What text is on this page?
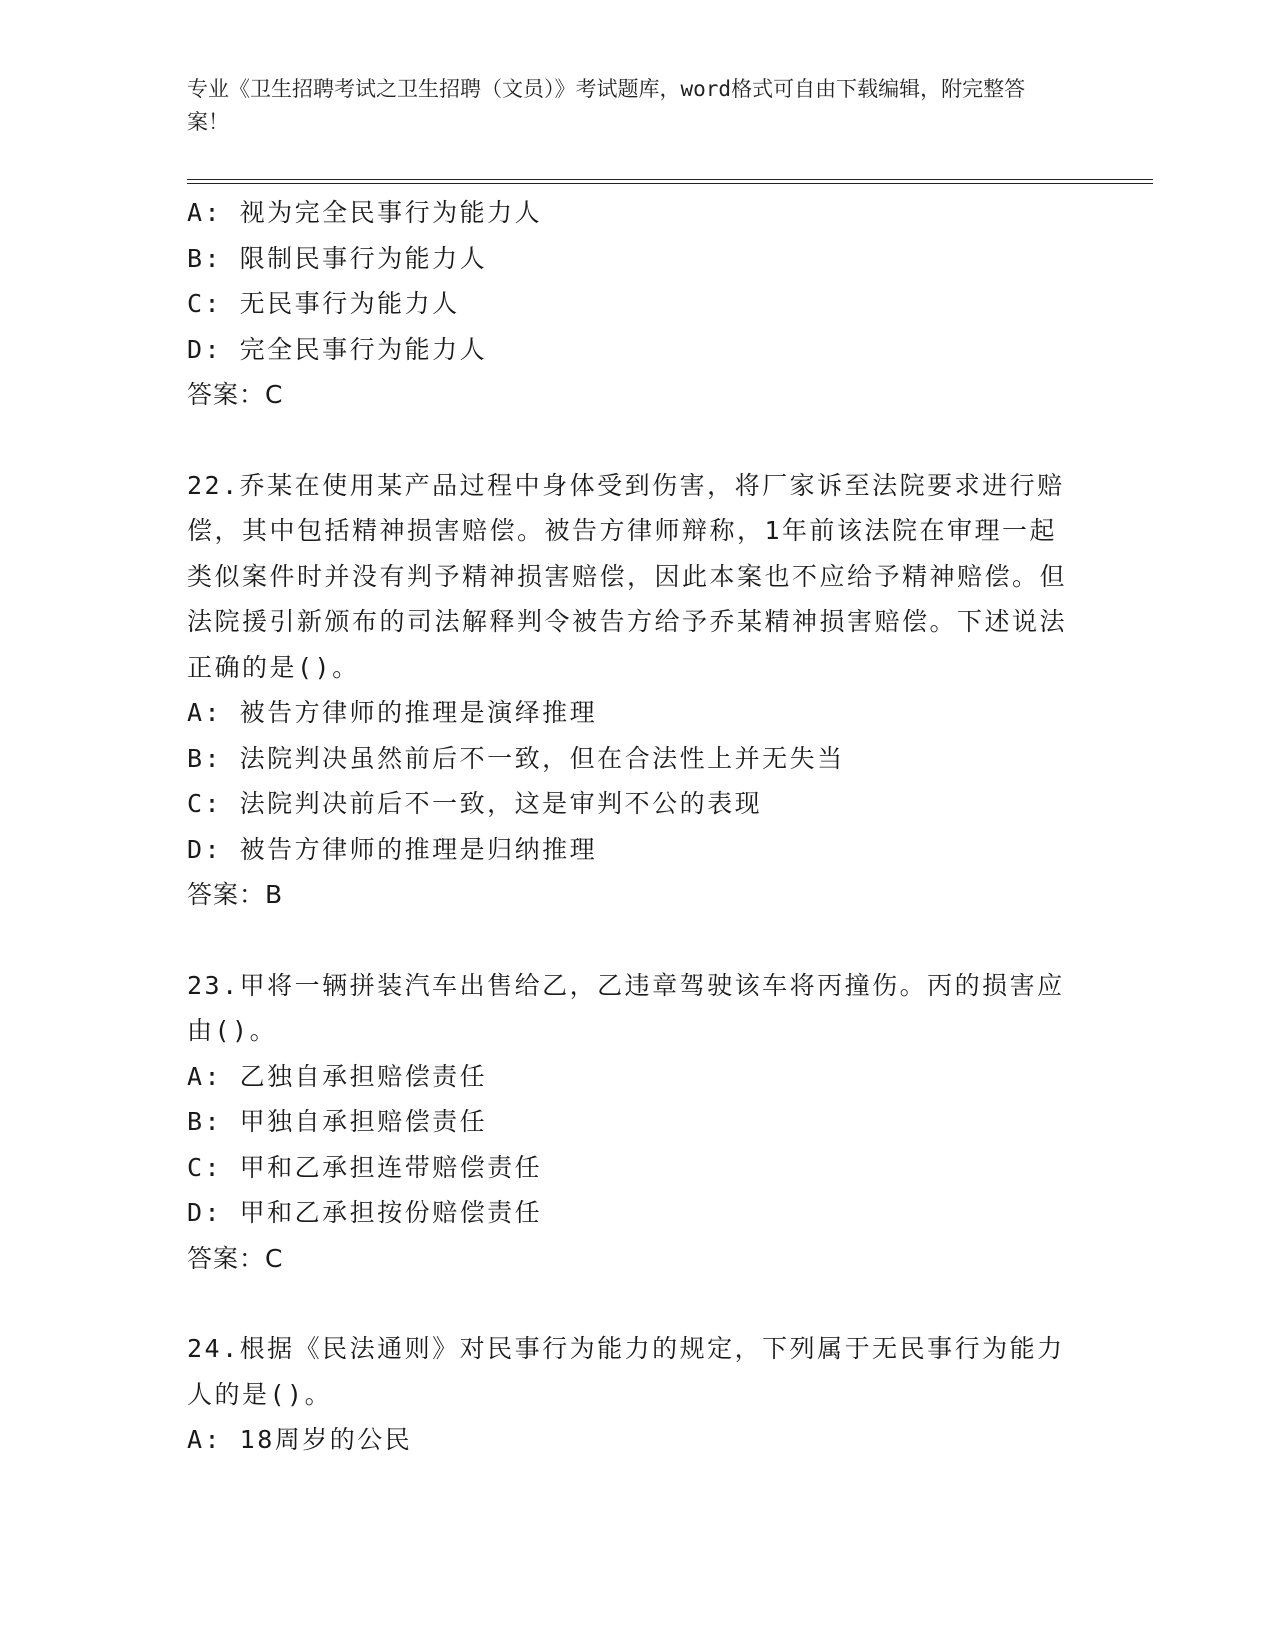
专业《卫生招聘考试之卫生招聘（文员）》考试题库，word格式可自由下载编辑，附完整答案！
A: 视为完全民事行为能力人
B: 限制民事行为能力人
C: 无民事行为能力人
D: 完全民事行为能力人
答案：C
22.乔某在使用某产品过程中身体受到伤害，将厂家诉至法院要求进行赔偿，其中包括精神损害赔偿。被告方律师辩称，1年前该法院在审理一起类似案件时并没有判予精神损害赔偿，因此本案也不应给予精神赔偿。但法院援引新颁布的司法解释判令被告方给予乔某精神损害赔偿。下述说法正确的是()。
A: 被告方律师的推理是演绎推理
B: 法院判决虽然前后不一致，但在合法性上并无失当
C: 法院判决前后不一致，这是审判不公的表现
D: 被告方律师的推理是归纳推理
答案：B
23.甲将一辆拼装汽车出售给乙，乙违章驾驶该车将丙撞伤。丙的损害应由()。
A: 乙独自承担赔偿责任
B: 甲独自承担赔偿责任
C: 甲和乙承担连带赔偿责任
D: 甲和乙承担按份赔偿责任
答案：C
24.根据《民法通则》对民事行为能力的规定，下列属于无民事行为能力人的是()。
A: 18周岁的公民
